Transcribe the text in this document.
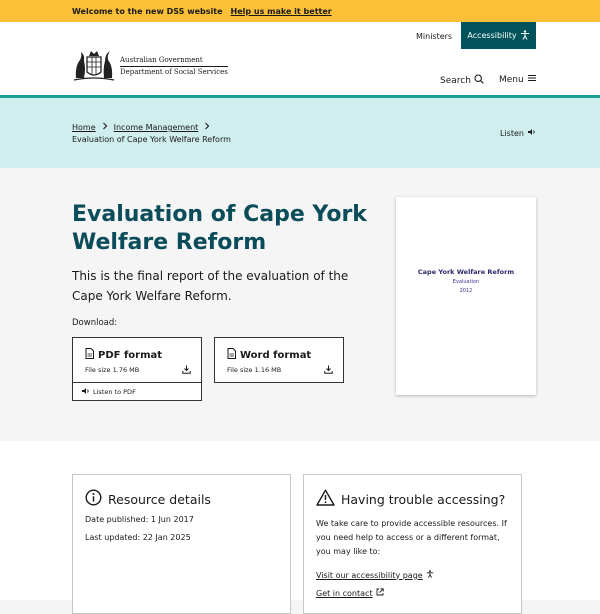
Welcome to the new DSS website Help us make it better
Ministers Accessibility
Australian Government
Department of Social Services
Search	Menu
Home Income Management
Evaluation of Cape York Welfare Reform
Listen
Evaluation of Cape York Welfare Reform

This is the final report of the evaluation of the Cape York Welfare Reform.

Download:
PDF format
File size 1.76 MB
Word format
File size 1.16 MB
Listen to PDF
Cape York Welfare Reform
Evaluation
2012
Resource details
Date published: 1 Jun 2017
Last updated: 22 Jan 2025
Having trouble accessing?

We take care to provide accessible resources. If you need help to access or a different format, you may like to:

Visit our accessibility page
Get in contact
